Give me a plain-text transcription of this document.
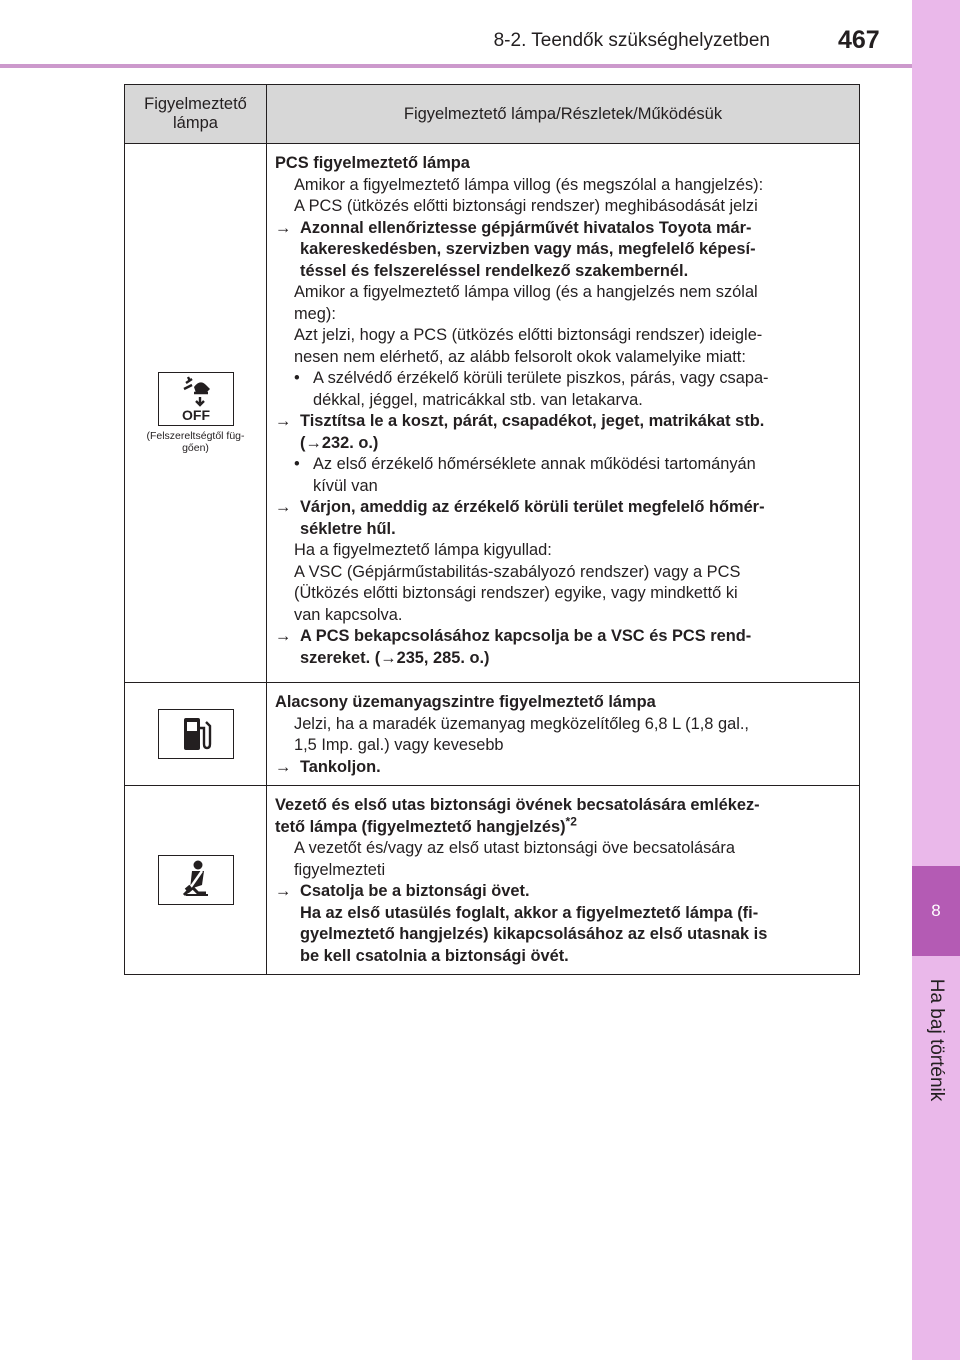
8-2. Teendők szükséghelyzetben	467
8
Ha baj történik
Figyelmeztető
lámpa
Figyelmeztető lámpa/Részletek/Működésük
OFF
(Felszereltségtől füg-
gően)
PCS figyelmeztető lámpa
Amikor a figyelmeztető lámpa villog (és megszólal a hangjelzés):
A PCS (ütközés előtti biztonsági rendszer) meghibásodását jelzi
→ Azonnal ellenőriztesse gépjárművét hivatalos Toyota már-
kakereskedésben, szervizben vagy más, megfelelő képesí-
téssel és felszereléssel rendelkező szakembernél.
Amikor a figyelmeztető lámpa villog (és a hangjelzés nem szólal
meg):
Azt jelzi, hogy a PCS (ütközés előtti biztonsági rendszer) ideigle-
nesen nem elérhető, az alább felsorolt okok valamelyike miatt:
• A szélvédő érzékelő körüli területe piszkos, párás, vagy csapa-
dékkal, jéggel, matricákkal stb. van letakarva.
→ Tisztítsa le a koszt, párát, csapadékot, jeget, matrikákat stb.
(→232. o.)
• Az első érzékelő hőmérséklete annak működési tartományán
kívül van
→ Várjon, ameddig az érzékelő körüli terület megfelelő hőmér-
sékletre hűl.
Ha a figyelmeztető lámpa kigyullad:
A VSC (Gépjárműstabilitás-szabályozó rendszer) vagy a PCS
(Ütközés előtti biztonsági rendszer) egyike, vagy mindkettő ki
van kapcsolva.
→ A PCS bekapcsolásához kapcsolja be a VSC és PCS rend-
szereket. (→235, 285. o.)
Alacsony üzemanyagszintre figyelmeztető lámpa
Jelzi, ha a maradék üzemanyag megközelítőleg 6,8 L (1,8 gal.,
1,5 Imp. gal.) vagy kevesebb
→ Tankoljon.
Vezető és első utas biztonsági övének becsatolására emlékez-
tető lámpa (figyelmeztető hangjelzés)$^{*2}$
A vezetőt és/vagy az első utast biztonsági öve becsatolására
figyelmezteti
→ Csatolja be a biztonsági övet.
Ha az első utasülés foglalt, akkor a figyelmeztető lámpa (fi-
gyelmeztető hangjelzés) kikapcsolásához az első utasnak is
be kell csatolnia a biztonsági övét.
